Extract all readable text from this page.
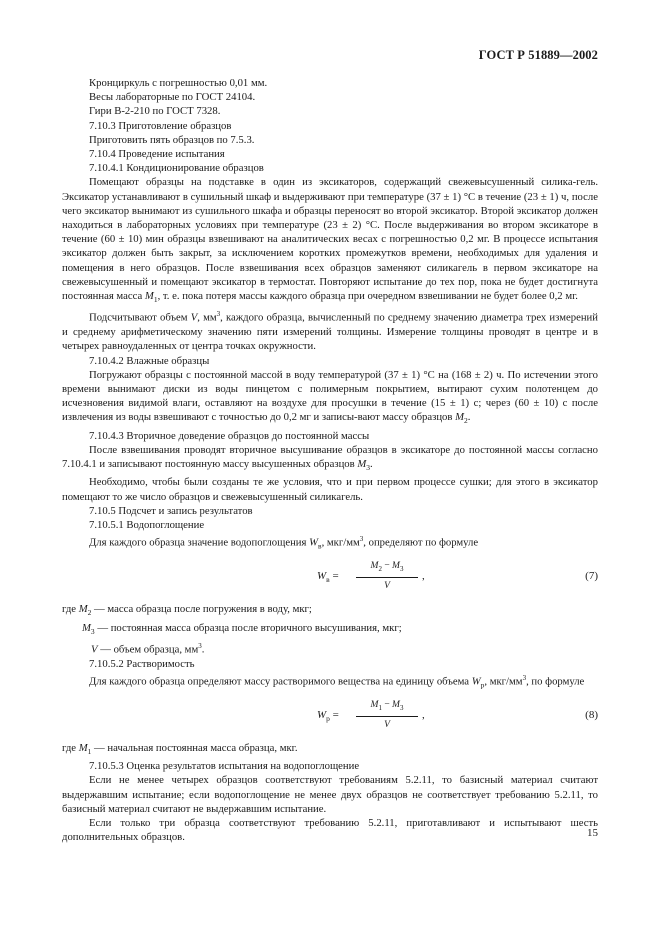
ГОСТ Р 51889—2002

Кронциркуль с погрешностью 0,01 мм.

Весы лабораторные по ГОСТ 24104.

Гири В-2-210 по ГОСТ 7328.

7.10.3 Приготовление образцов

Приготовить пять образцов по 7.5.3.

7.10.4 Проведение испытания

7.10.4.1 Кондиционирование образцов

Помещают образцы на подставке в один из эксикаторов, содержащий свежевысушенный силика-гель. Эксикатор устанавливают в сушильный шкаф и выдерживают при температуре (37 ± 1) °С в течение (23 ± 1) ч, после чего эксикатор вынимают из сушильного шкафа и образцы переносят во второй эксикатор. Второй эксикатор должен находиться в лабораторных условиях при температуре (23 ± 2) °С. После выдерживания во втором эксикаторе в течение (60 ± 10) мин образцы взвешивают на аналитических весах с погрешностью 0,2 мг. В процессе испытания эксикатор должен быть закрыт, за исключением коротких промежутков времени, необходимых для удаления и помещения в него образцов. После взвешивания всех образцов заменяют силикагель в первом эксикаторе на свежевысушенный и помещают эксикатор в термостат. Повторяют испытание до тех пор, пока не будет достигнута постоянная масса $M_1$, т. е. пока потеря массы каждого образца при очередном взвешивании не будет более 0,2 мг.

Подсчитывают объем V, $мм^3$, каждого образца, вычисленный по среднему значению диаметра трех измерений и среднему арифметическому значению пяти измерений толщины. Измерение толщины проводят в центре и в четырех равноудаленных от центра точках окружности.

7.10.4.2 Влажные образцы

Погружают образцы с постоянной массой в воду температурой (37 ± 1) °С на (168 ± 2) ч. По истечении этого времени вынимают диски из воды пинцетом с полимерным покрытием, вытирают сухим полотенцем до исчезновения видимой влаги, оставляют на воздухе для просушки в течение (15 ± 1) с; через (60 ± 10) с после извлечения из воды взвешивают с точностью до 0,2 мг и записы-вают массу образцов $M_2$.

7.10.4.3 Вторичное доведение образцов до постоянной массы

После взвешивания проводят вторичное высушивание образцов в эксикаторе до постоянной массы согласно 7.10.4.1 и записывают постоянную массу высушенных образцов $M_3$.

Необходимо, чтобы были созданы те же условия, что и при первом процессе сушки; для этого в эксикатор помещают то же число образцов и свежевысушенный силикагель.

7.10.5 Подсчет и запись результатов

7.10.5.1 Водопоглощение

Для каждого образца значение водопоглощения $W_в$, мкг/$мм^3$, определяют по формуле

$W_в = \frac{M_2 - M_3}{V}$ ,	(7)

где $M_2$ — масса образца после погружения в воду, мкг;

$M_3$ — постоянная масса образца после вторичного высушивания, мкг;

V — объем образца, $мм^3$.

7.10.5.2 Растворимость

Для каждого образца определяют массу растворимого вещества на единицу объема $W_р$, мкг/$мм^3$, по формуле

$W_р = \frac{M_1 - M_3}{V}$ ,	(8)

где $M_1$ — начальная постоянная масса образца, мкг.

7.10.5.3 Оценка результатов испытания на водопоглощение

Если не менее четырех образцов соответствуют требованиям 5.2.11, то базисный материал считают выдержавшим испытание; если водопоглощение не менее двух образцов не соответствует требованию 5.2.11, то базисный материал считают не выдержавшим испытание.

Если только три образца соответствуют требованию 5.2.11, приготавливают и испытывают шесть дополнительных образцов.	15
